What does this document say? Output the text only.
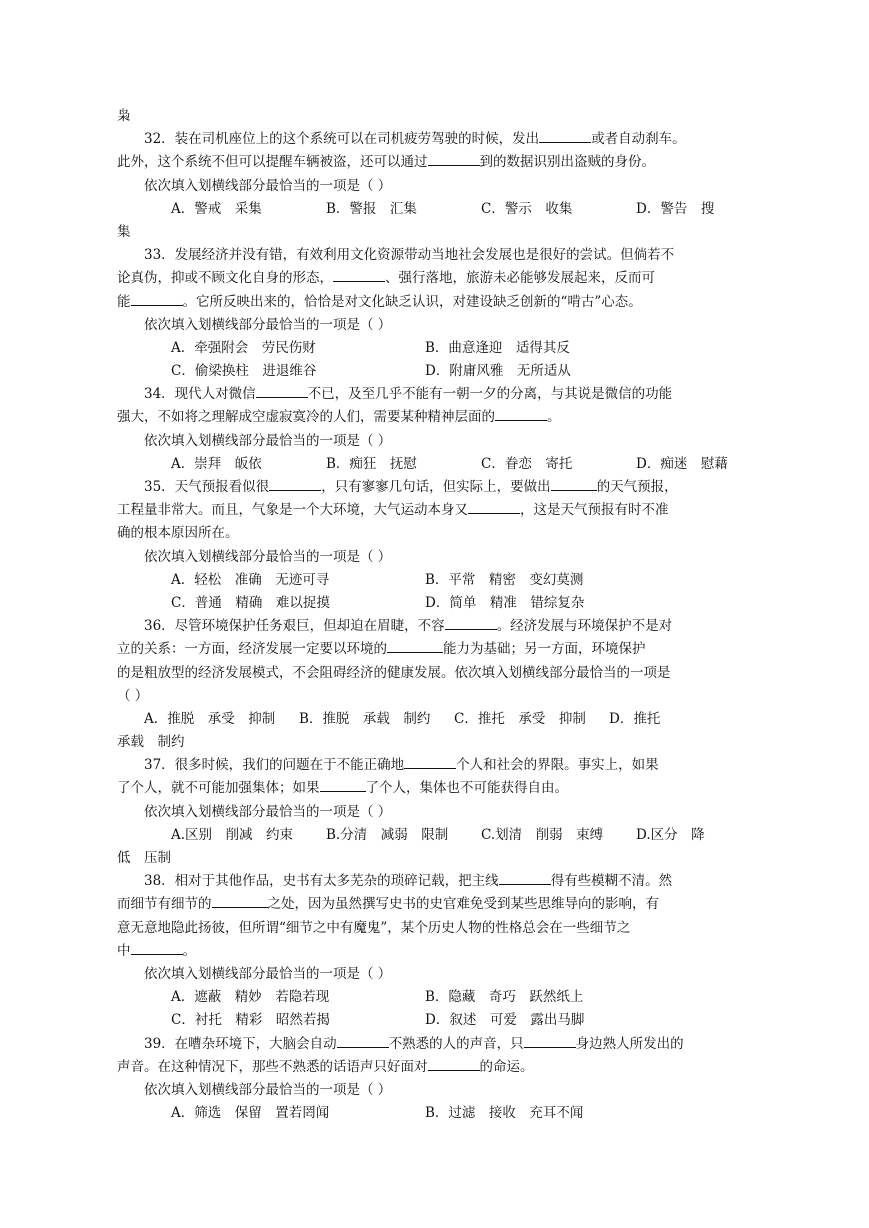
枭
32．装在司机座位上的这个系统可以在司机疲劳驾驶的时候，发出	或者自动刹车。
此外，这个系统不但可以提醒车辆被盗，还可以通过	到的数据识别出盗贼的身份。
依次填入划横线部分最恰当的一项是（ ）
A．警戒　采集	B．警报　汇集	C．警示　收集	D．警告　搜
集
33．发展经济并没有错，有效利用文化资源带动当地社会发展也是很好的尝试。但倘若不
论真伪，抑或不顾文化自身的形态，	、强行落地，旅游未必能够发展起来，反而可
能	。它所反映出来的，恰恰是对文化缺乏认识，对建设缺乏创新的“啃古”心态。
依次填入划横线部分最恰当的一项是（ ）
A．牵强附会　劳民伤财	B．曲意逢迎　适得其反
C．偷梁换柱　进退维谷	D．附庸风雅　无所适从
34．现代人对微信	不已，及至几乎不能有一朝一夕的分离，与其说是微信的功能
强大，不如将之理解成空虚寂寞冷的人们，需要某种精神层面的	。
依次填入划横线部分最恰当的一项是（ ）
A．崇拜　皈依	B．痴狂　抚慰	C．眷恋　寄托	D．痴迷　慰藉
35．天气预报看似很	，只有寥寥几句话，但实际上，要做出	的天气预报，
工程量非常大。而且，气象是一个大环境，大气运动本身又	，这是天气预报有时不准
确的根本原因所在。
依次填入划横线部分最恰当的一项是（ ）
A．轻松　准确　无迹可寻	B．平常　精密　变幻莫测
C．普通　精确　难以捉摸	D．简单　精准　错综复杂
36．尽管环境保护任务艰巨，但却迫在眉睫，不容	。经济发展与环境保护不是对
立的关系：一方面，经济发展一定要以环境的	能力为基础；另一方面，环境保护
的是粗放型的经济发展模式，不会阻碍经济的健康发展。依次填入划横线部分最恰当的一项是
（ ）
A．推脱　承受　抑制 B．推脱　承载　制约 C．推托　承受　抑制 D．推托
承载　制约
37．很多时候，我们的问题在于不能正确地	个人和社会的界限。事实上，如果
了个人，就不可能加强集体；如果	了个人，集体也不可能获得自由。
依次填入划横线部分最恰当的一项是（ ）
A.区别　削减　约束 B.分清　减弱　限制 C.划清　削弱　束缚 D.区分　降
低　压制
38．相对于其他作品，史书有太多芜杂的琐碎记载，把主线	得有些模糊不清。然
而细节有细节的	之处，因为虽然撰写史书的史官难免受到某些思维导向的影响，有
意无意地隐此扬彼，但所谓“细节之中有魔鬼”，某个历史人物的性格总会在一些细节之
中	。
依次填入划横线部分最恰当的一项是（ ）
A．遮蔽　精妙　若隐若现	B．隐藏　奇巧　跃然纸上
C．衬托　精彩　昭然若揭	D．叙述　可爱　露出马脚
39．在嘈杂环境下，大脑会自动	不熟悉的人的声音，只	身边熟人所发出的
声音。在这种情况下，那些不熟悉的话语声只好面对	的命运。
依次填入划横线部分最恰当的一项是（ ）
A．筛选　保留　置若罔闻	B．过滤　接收　充耳不闻
